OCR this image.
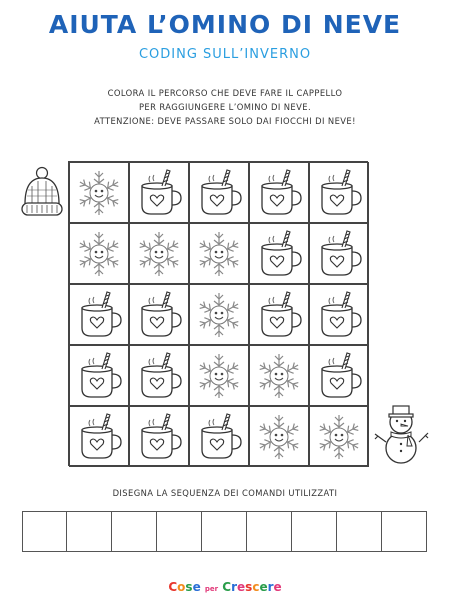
AIUTA L’OMINO DI NEVE
CODING SULL’INVERNO
COLORA IL PERCORSO CHE DEVE FARE IL CAPPELLO
PER RAGGIUNGERE L’OMINO DI NEVE.
ATTENZIONE: DEVE PASSARE SOLO DAI FIOCCHI DI NEVE!
DISEGNA LA SEQUENZA DEI COMANDI UTILIZZATI
Cose per Crescere
